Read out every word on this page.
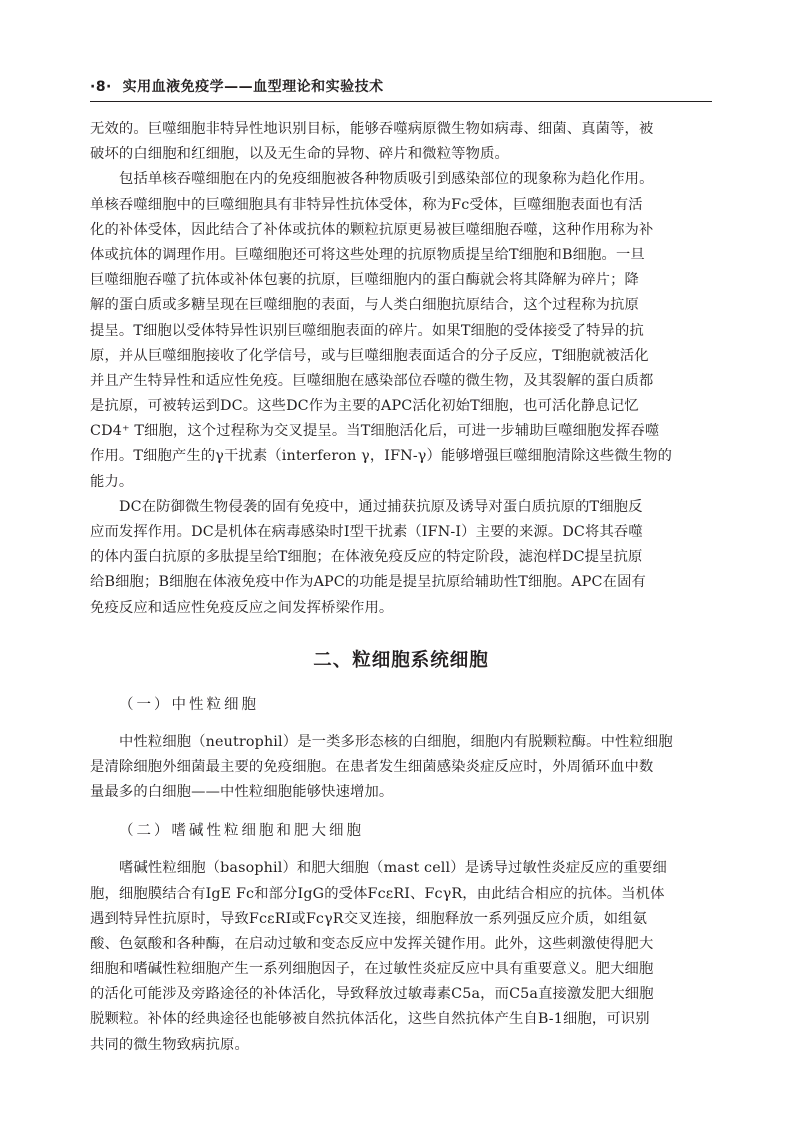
·8· 实用血液免疫学——血型理论和实验技术

无效的。巨噬细胞非特异性地识别目标，能够吞噬病原微生物如病毒、细菌、真菌等，被

破坏的白细胞和红细胞，以及无生命的异物、碎片和微粒等物质。

包括单核吞噬细胞在内的免疫细胞被各种物质吸引到感染部位的现象称为趋化作用。

单核吞噬细胞中的巨噬细胞具有非特异性抗体受体，称为Fc受体，巨噬细胞表面也有活

化的补体受体，因此结合了补体或抗体的颗粒抗原更易被巨噬细胞吞噬，这种作用称为补

体或抗体的调理作用。巨噬细胞还可将这些处理的抗原物质提呈给T细胞和B细胞。一旦

巨噬细胞吞噬了抗体或补体包裹的抗原，巨噬细胞内的蛋白酶就会将其降解为碎片；降

解的蛋白质或多糖呈现在巨噬细胞的表面，与人类白细胞抗原结合，这个过程称为抗原

提呈。T细胞以受体特异性识别巨噬细胞表面的碎片。如果T细胞的受体接受了特异的抗

原，并从巨噬细胞接收了化学信号，或与巨噬细胞表面适合的分子反应，T细胞就被活化

并且产生特异性和适应性免疫。巨噬细胞在感染部位吞噬的微生物，及其裂解的蛋白质都

是抗原，可被转运到DC。这些DC作为主要的APC活化初始T细胞，也可活化静息记忆

CD4⁺ T细胞，这个过程称为交叉提呈。当T细胞活化后，可进一步辅助巨噬细胞发挥吞噬

作用。T细胞产生的γ干扰素（interferon γ，IFN-γ）能够增强巨噬细胞清除这些微生物的

能力。

DC在防御微生物侵袭的固有免疫中，通过捕获抗原及诱导对蛋白质抗原的T细胞反

应而发挥作用。DC是机体在病毒感染时Ⅰ型干扰素（IFN-Ⅰ）主要的来源。DC将其吞噬

的体内蛋白抗原的多肽提呈给T细胞；在体液免疫反应的特定阶段，滤泡样DC提呈抗原

给B细胞；B细胞在体液免疫中作为APC的功能是提呈抗原给辅助性T细胞。APC在固有

免疫反应和适应性免疫反应之间发挥桥梁作用。

二、粒细胞系统细胞
（一）中性粒细胞

中性粒细胞（neutrophil）是一类多形态核的白细胞，细胞内有脱颗粒酶。中性粒细胞

是清除细胞外细菌最主要的免疫细胞。在患者发生细菌感染炎症反应时，外周循环血中数

量最多的白细胞——中性粒细胞能够快速增加。

（二）嗜碱性粒细胞和肥大细胞

嗜碱性粒细胞（basophil）和肥大细胞（mast cell）是诱导过敏性炎症反应的重要细

胞，细胞膜结合有IgE Fc和部分IgG的受体FcεRI、FcγR，由此结合相应的抗体。当机体

遇到特异性抗原时，导致FcεRI或FcγR交叉连接，细胞释放一系列强反应介质，如组氨

酸、色氨酸和各种酶，在启动过敏和变态反应中发挥关键作用。此外，这些刺激使得肥大

细胞和嗜碱性粒细胞产生一系列细胞因子，在过敏性炎症反应中具有重要意义。肥大细胞

的活化可能涉及旁路途径的补体活化，导致释放过敏毒素C5a，而C5a直接激发肥大细胞

脱颗粒。补体的经典途径也能够被自然抗体活化，这些自然抗体产生自B-1细胞，可识别

共同的微生物致病抗原。
